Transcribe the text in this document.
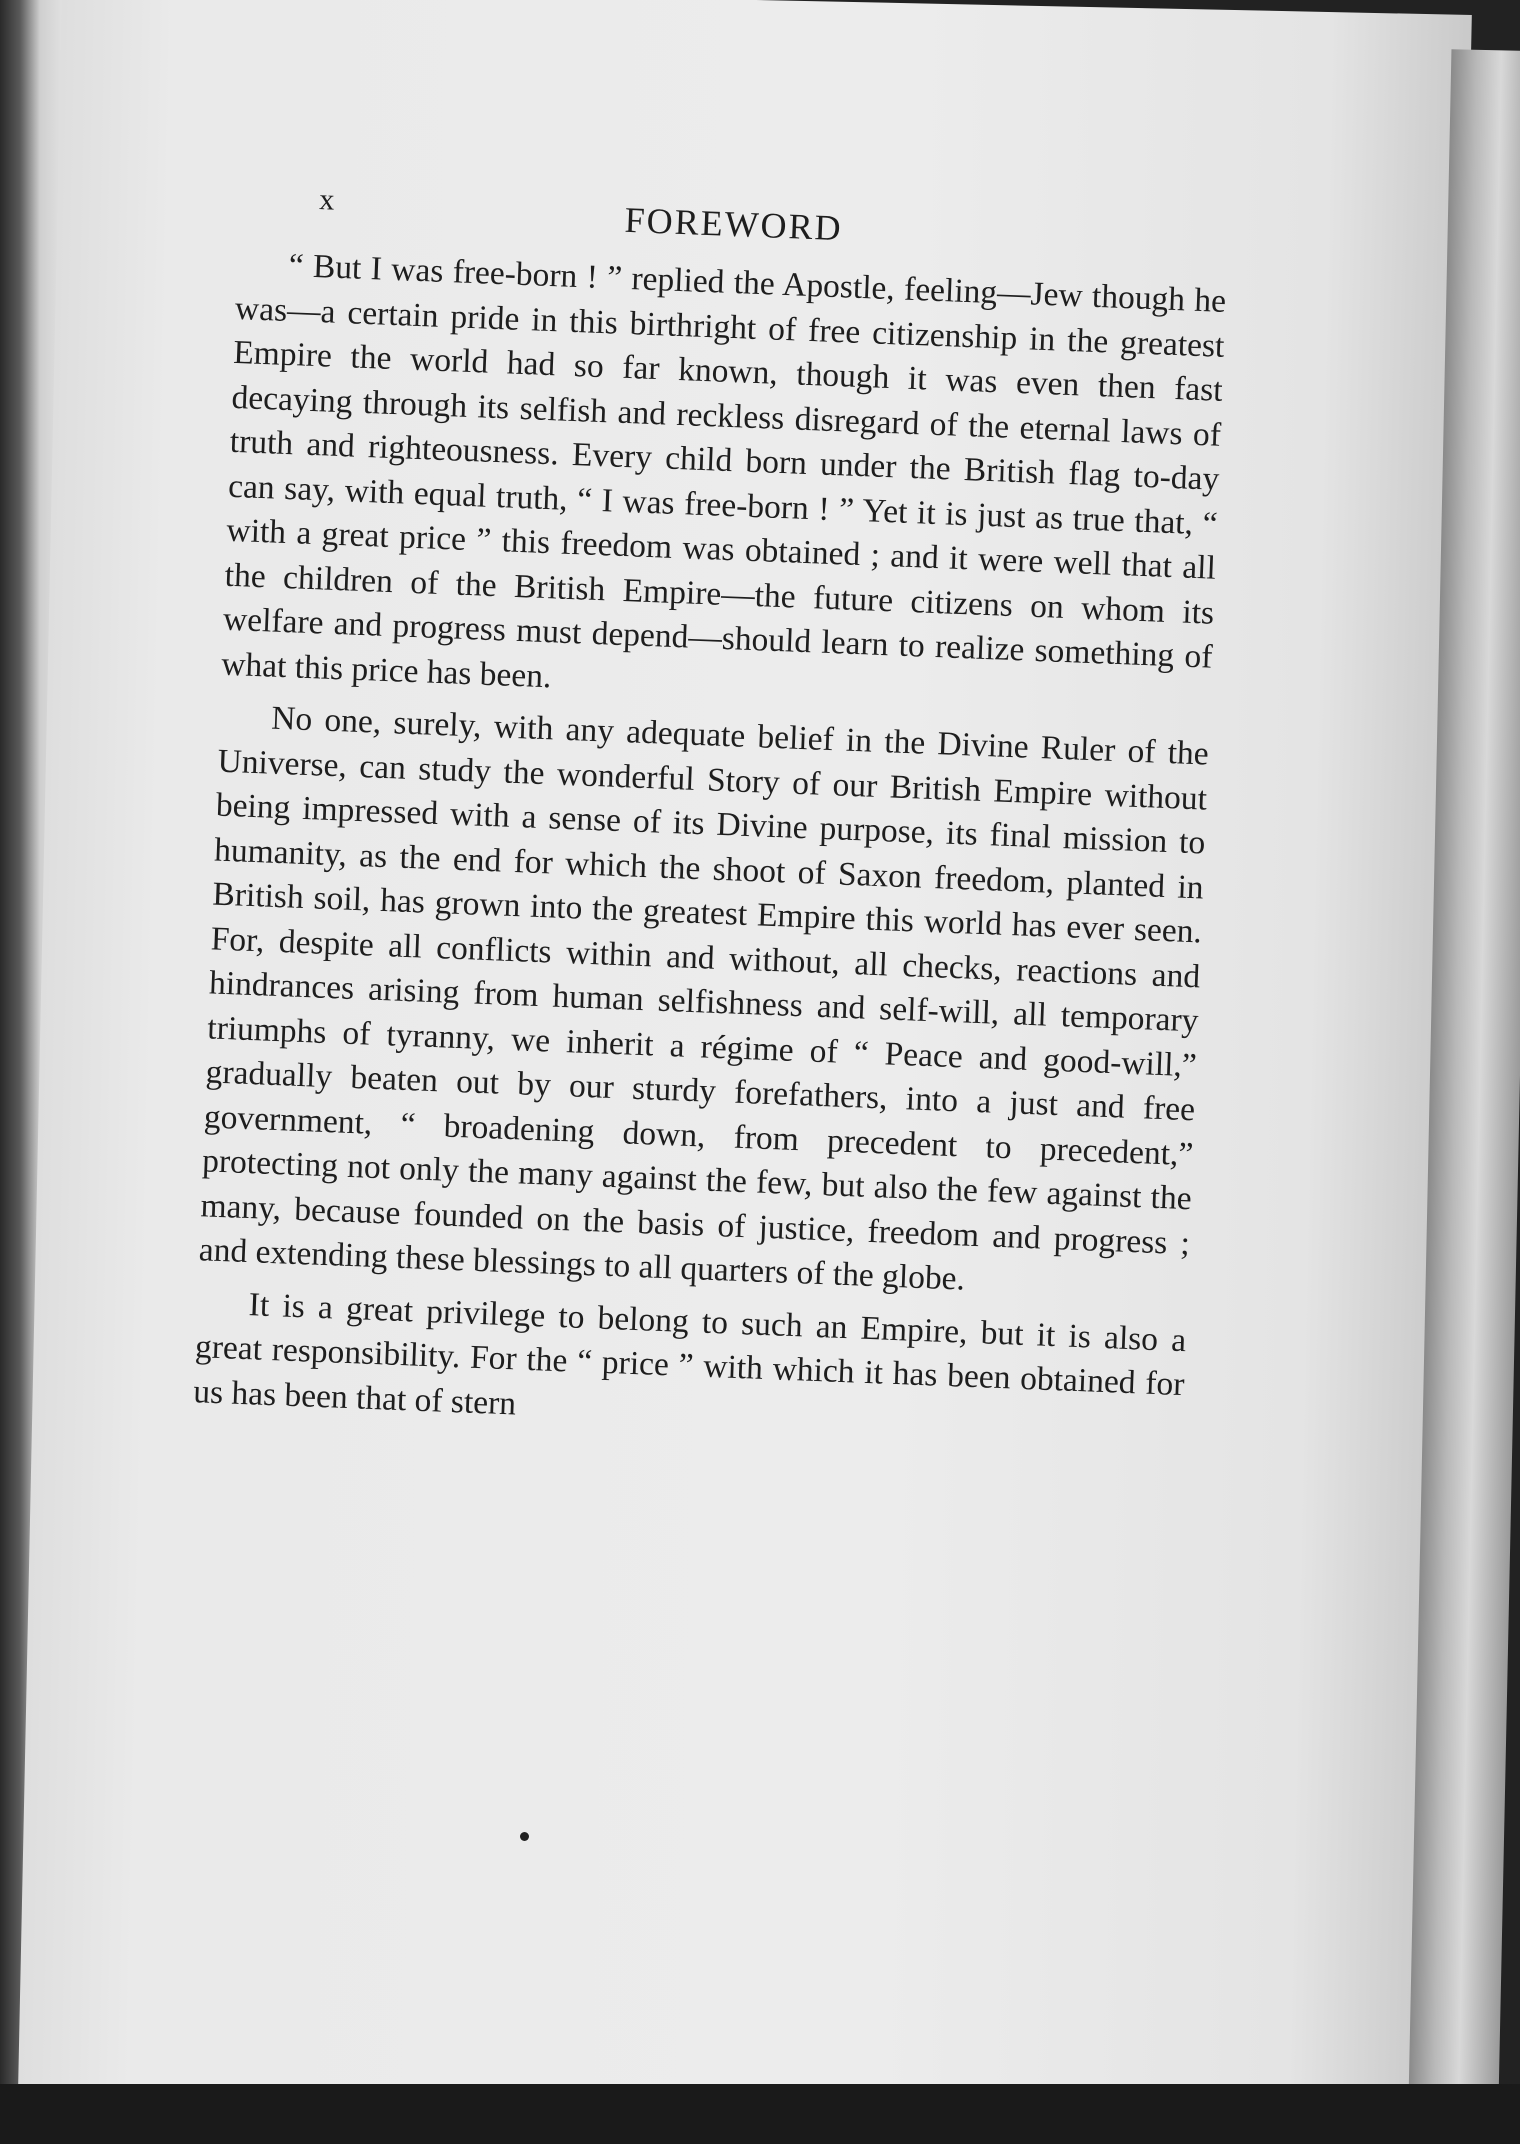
x	FOREWORD

“ But I was free-born ! ” replied the Apostle, feeling—Jew though he was—a certain pride in this birthright of free citizenship in the greatest Empire the world had so far known, though it was even then fast decaying through its selfish and reckless disregard of the eternal laws of truth and righteousness. Every child born under the British flag to-day can say, with equal truth, “ I was free-born ! ” Yet it is just as true that, “ with a great price ” this freedom was obtained ; and it were well that all the children of the British Empire—the future citizens on whom its welfare and progress must depend—should learn to realize something of what this price has been.

No one, surely, with any adequate belief in the Divine Ruler of the Universe, can study the wonderful Story of our British Empire without being impressed with a sense of its Divine purpose, its final mission to humanity, as the end for which the shoot of Saxon freedom, planted in British soil, has grown into the greatest Empire this world has ever seen. For, despite all conflicts within and without, all checks, reactions and hindrances arising from human selfishness and self-will, all temporary triumphs of tyranny, we inherit a régime of “ Peace and good-will,” gradually beaten out by our sturdy forefathers, into a just and free government, “ broadening down, from precedent to precedent,” protecting not only the many against the few, but also the few against the many, because founded on the basis of justice, freedom and progress ; and extending these blessings to all quarters of the globe.

It is a great privilege to belong to such an Empire, but it is also a great responsibility. For the “ price ” with which it has been obtained for us has been that of stern
